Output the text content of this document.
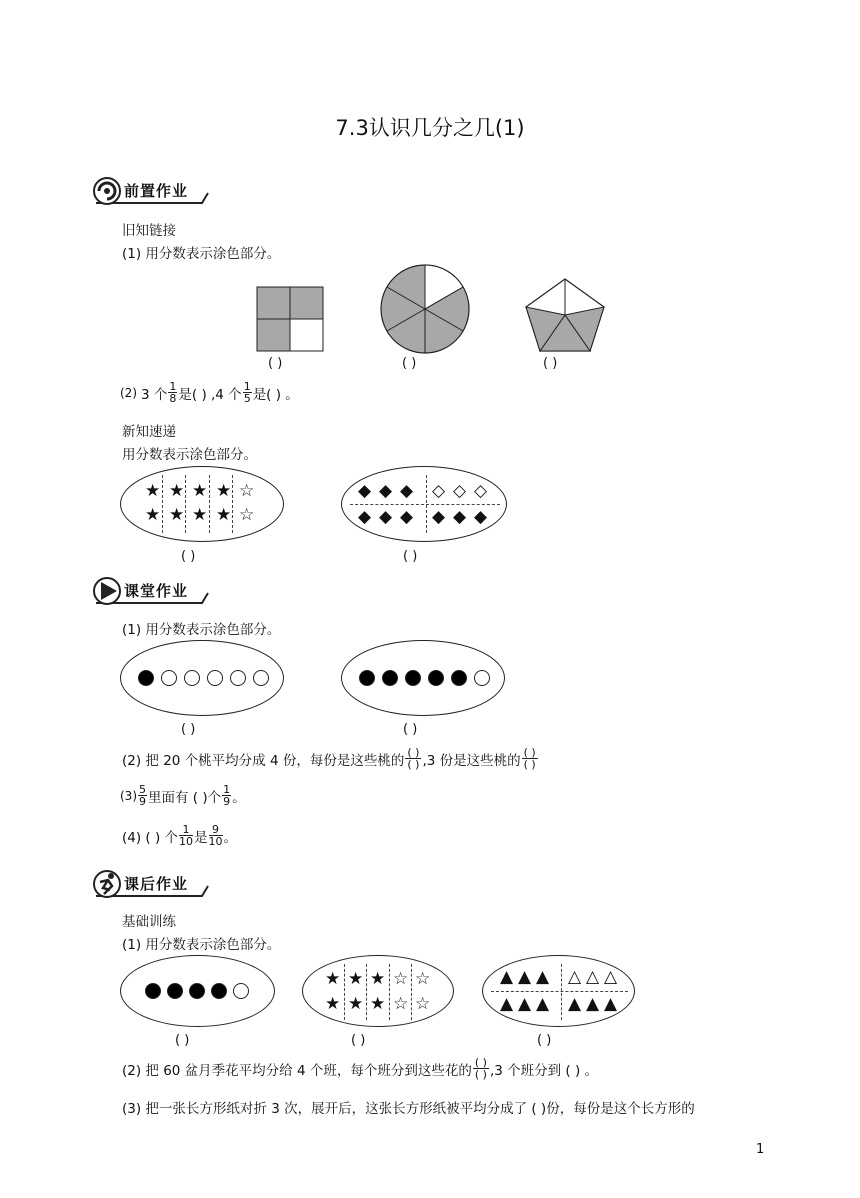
7.3认识几分之几(1)
前置作业
旧知链接
(1) 用分数表示涂色部分。
( )	( )	( )
(2) 3 个 $\frac{1}{8}$ 是( ) ,4 个 $\frac{1}{5}$ 是( ) 。
新知速递
用分数表示涂色部分。
★ ★ ★ ★ ☆
★ ★ ★ ★ ☆
◆ ◆ ◆ ◇ ◇ ◇
◆ ◆ ◆ ◆ ◆ ◆
( )	( )
课堂作业
(1) 用分数表示涂色部分。
( )	( )
(2) 把 20 个桃平均分成 4 份，每份是这些桃的 $\frac{( )}{( )} ,3$ 份是这些桃的 $\frac{( )}{( )}$
$(3) \frac{5}{9}$ 里面有 ( )个 $\frac{1}{9}$ 。
(4) ( ) 个 $\frac{1}{10}$ 是 $\frac{9}{10}$ 。
课后作业
基础训练
(1) 用分数表示涂色部分。
★ ★ ★ ☆ ☆
★ ★ ★ ☆ ☆
▲ ▲ ▲ △ △ △
▲ ▲ ▲ ▲ ▲ ▲
( )	( )	( )
(2) 把 60 盆月季花平均分给 4 个班，每个班分到这些花的 $\frac{( )}{( )} ,3$ 个班分到 ( ) 。
(3) 把一张长方形纸对折 3 次，展开后，这张长方形纸被平均分成了 ( )份，每份是这个长方形的
1
